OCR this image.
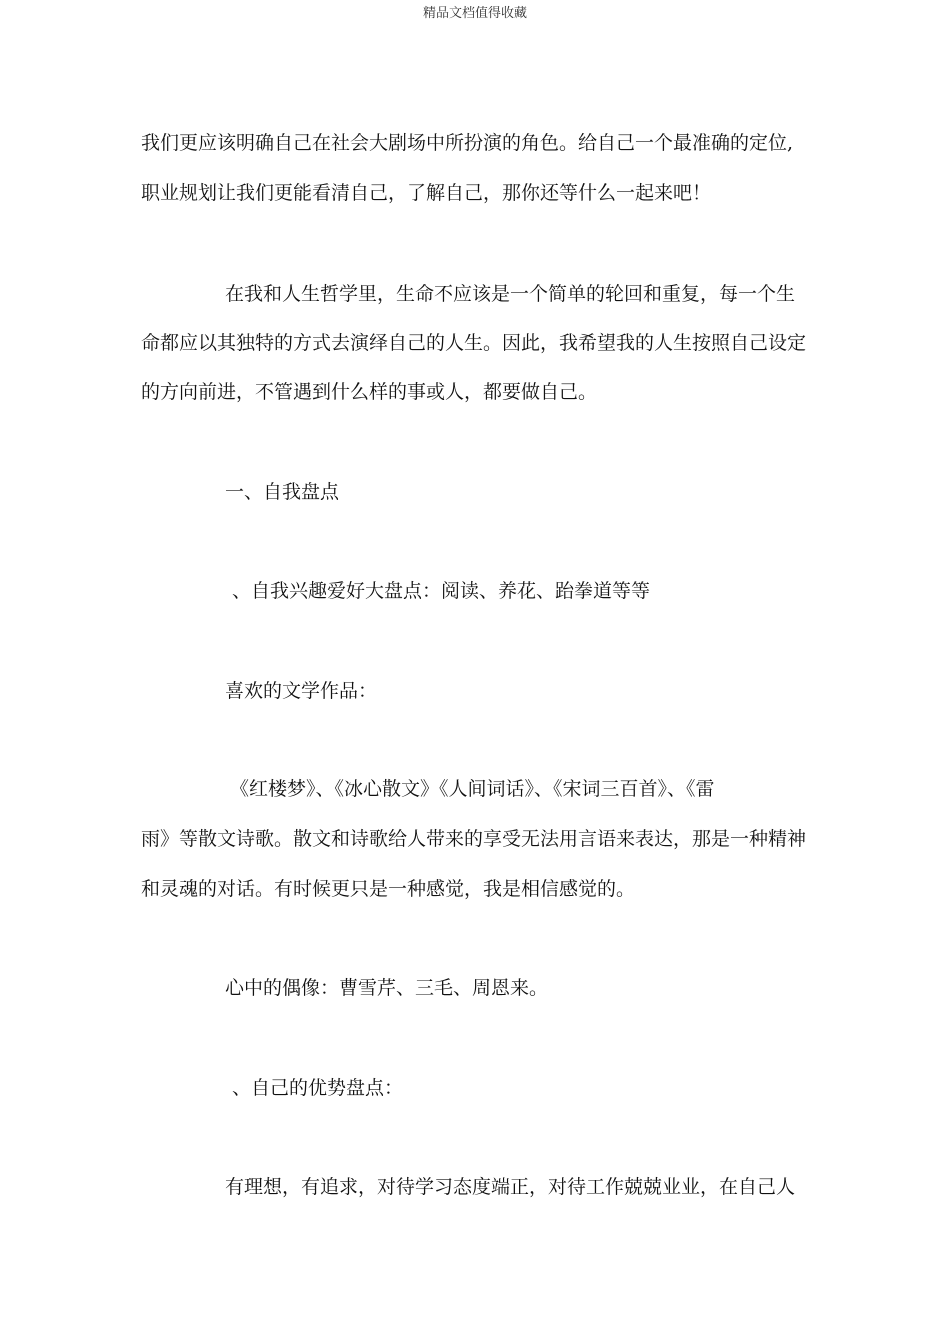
精品文档值得收藏
我们更应该明确自己在社会大剧场中所扮演的角色。给自己一个最准确的定位,
职业规划让我们更能看清自己，了解自己，那你还等什么一起来吧！
在我和人生哲学里，生命不应该是一个简单的轮回和重复，每一个生
命都应以其独特的方式去演绎自己的人生。因此，我希望我的人生按照自己设定
的方向前进，不管遇到什么样的事或人，都要做自己。
一、自我盘点
、自我兴趣爱好大盘点：阅读、养花、跆拳道等等
喜欢的文学作品：
《红楼梦》、《冰心散文》《人间词话》、《宋词三百首》、《雷
雨》等散文诗歌。散文和诗歌给人带来的享受无法用言语来表达，那是一种精神
和灵魂的对话。有时候更只是一种感觉，我是相信感觉的。
心中的偶像：曹雪芹、三毛、周恩来。
、自己的优势盘点：
有理想，有追求，对待学习态度端正，对待工作兢兢业业，在自己人
